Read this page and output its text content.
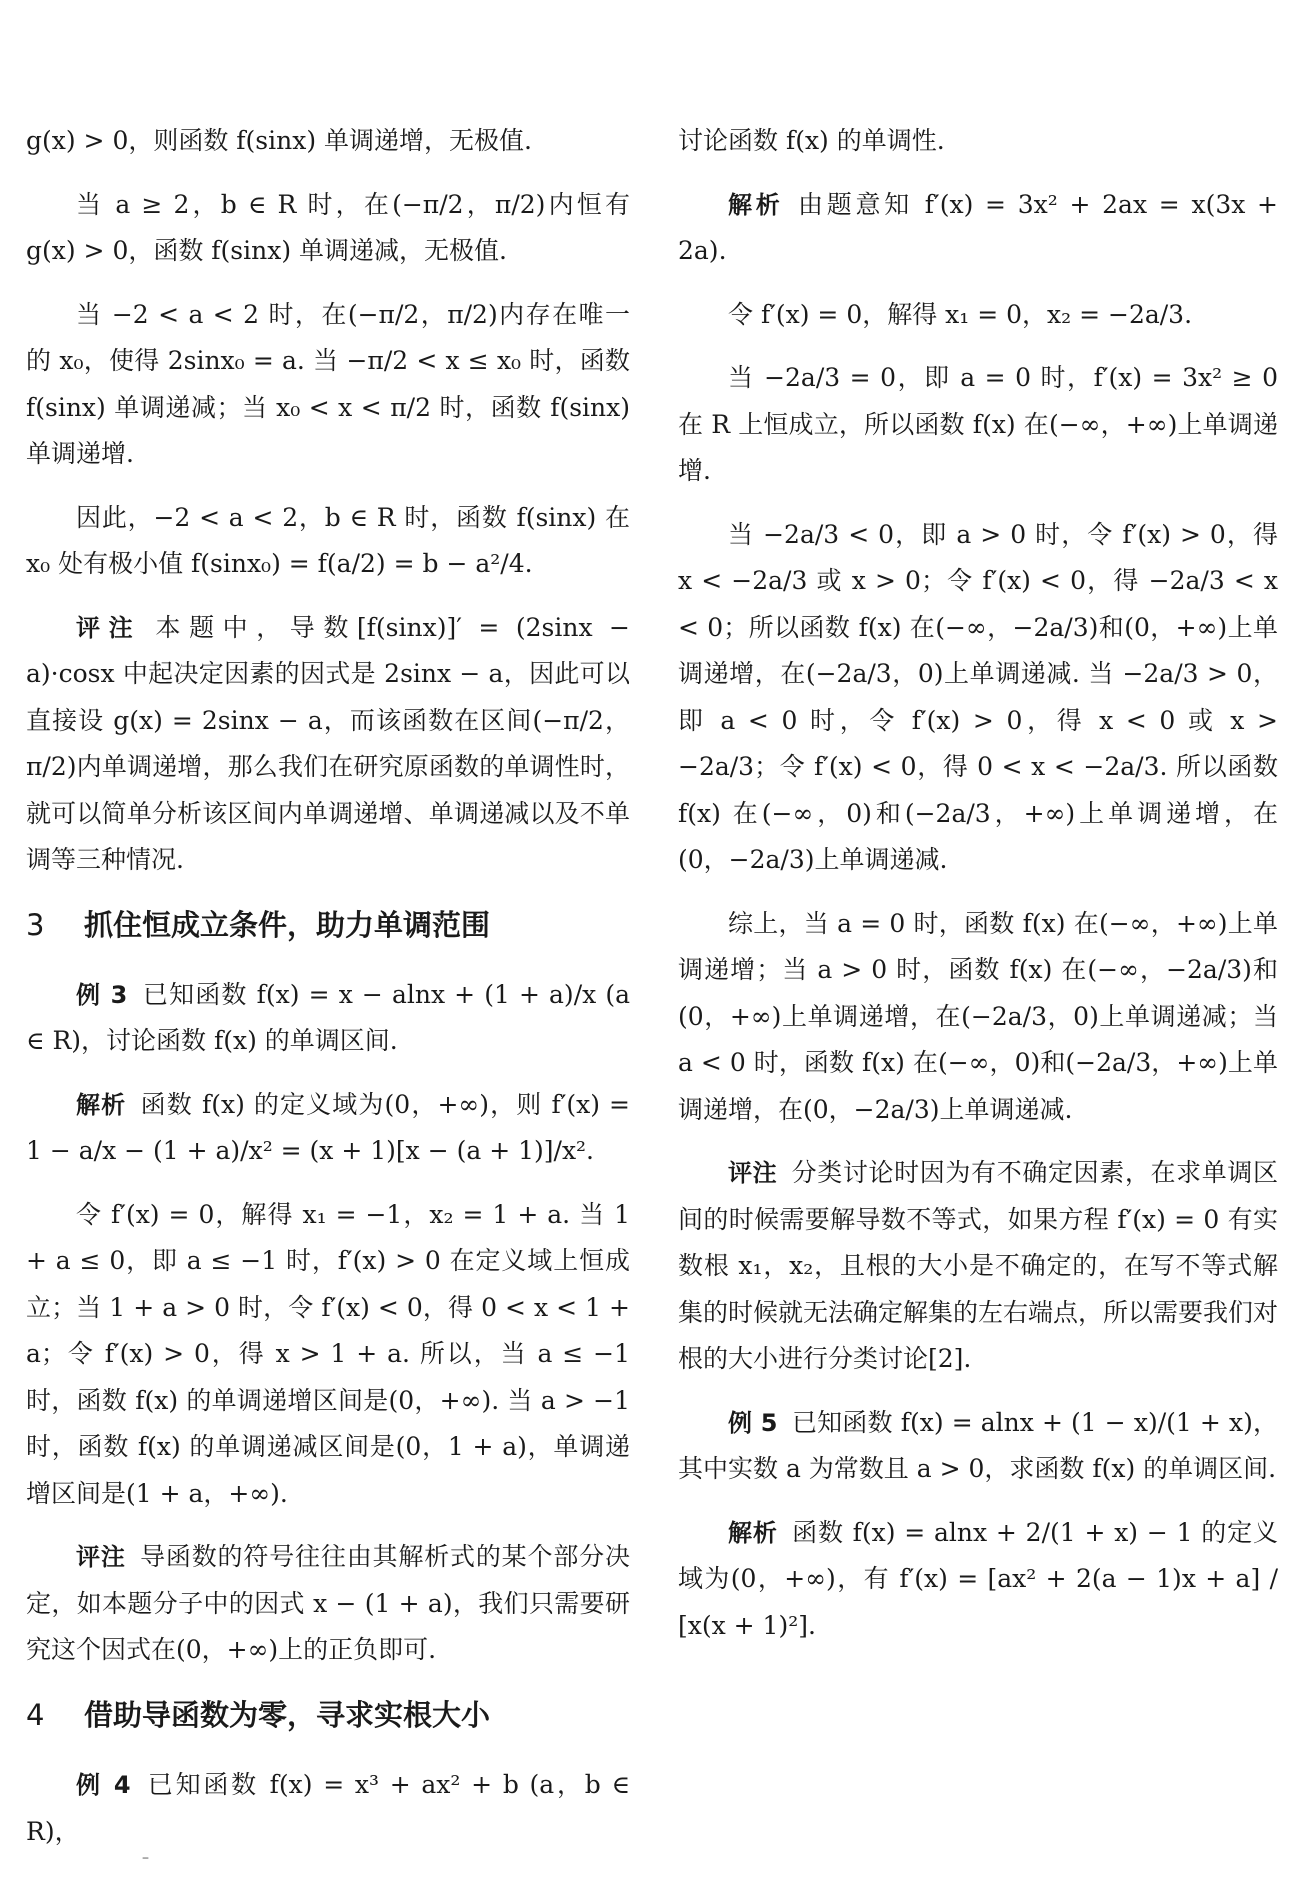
g(x) > 0，则函数 f(sinx) 单调递增，无极值.

当 a ≥ 2，b ∈ R 时，在(−π/2，π/2)内恒有 g(x) > 0，函数 f(sinx) 单调递减，无极值.

当 −2 < a < 2 时，在(−π/2，π/2)内存在唯一的 x₀，使得 2sinx₀ = a. 当 −π/2 < x ≤ x₀ 时，函数 f(sinx) 单调递减；当 x₀ < x < π/2 时，函数 f(sinx) 单调递增.

因此，−2 < a < 2，b ∈ R 时，函数 f(sinx) 在 x₀ 处有极小值 f(sinx₀) = f(a/2) = b − a²/4.

评注 本题中，导数[f(sinx)]′ = (2sinx − a)·cosx 中起决定因素的因式是 2sinx − a，因此可以直接设 g(x) = 2sinx − a，而该函数在区间(−π/2，π/2)内单调递增，那么我们在研究原函数的单调性时，就可以简单分析该区间内单调递增、单调递减以及不单调等三种情况.

3 抓住恒成立条件，助力单调范围

例 3 已知函数 f(x) = x − alnx + (1 + a)/x (a ∈ R)，讨论函数 f(x) 的单调区间.

解析 函数 f(x) 的定义域为(0，+∞)，则 f′(x) = 1 − a/x − (1 + a)/x² = (x + 1)[x − (a + 1)]/x².

令 f′(x) = 0，解得 x₁ = −1，x₂ = 1 + a. 当 1 + a ≤ 0，即 a ≤ −1 时，f′(x) > 0 在定义域上恒成立；当 1 + a > 0 时，令 f′(x) < 0，得 0 < x < 1 + a；令 f′(x) > 0，得 x > 1 + a. 所以，当 a ≤ −1 时，函数 f(x) 的单调递增区间是(0，+∞). 当 a > −1 时，函数 f(x) 的单调递减区间是(0，1 + a)，单调递增区间是(1 + a，+∞).

评注 导函数的符号往往由其解析式的某个部分决定，如本题分子中的因式 x − (1 + a)，我们只需要研究这个因式在(0，+∞)上的正负即可.

4 借助导函数为零，寻求实根大小

例 4 已知函数 f(x) = x³ + ax² + b (a，b ∈ R)，

讨论函数 f(x) 的单调性.

解析 由题意知 f′(x) = 3x² + 2ax = x(3x + 2a).

令 f′(x) = 0，解得 x₁ = 0，x₂ = −2a/3.

当 −2a/3 = 0，即 a = 0 时，f′(x) = 3x² ≥ 0 在 R 上恒成立，所以函数 f(x) 在(−∞，+∞)上单调递增.

当 −2a/3 < 0，即 a > 0 时，令 f′(x) > 0，得 x < −2a/3 或 x > 0；令 f′(x) < 0，得 −2a/3 < x < 0；所以函数 f(x) 在(−∞，−2a/3)和(0，+∞)上单调递增，在(−2a/3，0)上单调递减. 当 −2a/3 > 0，即 a < 0 时，令 f′(x) > 0，得 x < 0 或 x > −2a/3；令 f′(x) < 0，得 0 < x < −2a/3. 所以函数 f(x) 在(−∞，0)和(−2a/3，+∞)上单调递增，在(0，−2a/3)上单调递减.

综上，当 a = 0 时，函数 f(x) 在(−∞，+∞)上单调递增；当 a > 0 时，函数 f(x) 在(−∞，−2a/3)和(0，+∞)上单调递增，在(−2a/3，0)上单调递减；当 a < 0 时，函数 f(x) 在(−∞，0)和(−2a/3，+∞)上单调递增，在(0，−2a/3)上单调递减.

评注 分类讨论时因为有不确定因素，在求单调区间的时候需要解导数不等式，如果方程 f′(x) = 0 有实数根 x₁，x₂，且根的大小是不确定的，在写不等式解集的时候就无法确定解集的左右端点，所以需要我们对根的大小进行分类讨论[2].

例 5 已知函数 f(x) = alnx + (1 − x)/(1 + x)，其中实数 a 为常数且 a > 0，求函数 f(x) 的单调区间.

解析 函数 f(x) = alnx + 2/(1 + x) − 1 的定义域为(0，+∞)，有 f′(x) = [ax² + 2(a − 1)x + a] / [x(x + 1)²].

–
